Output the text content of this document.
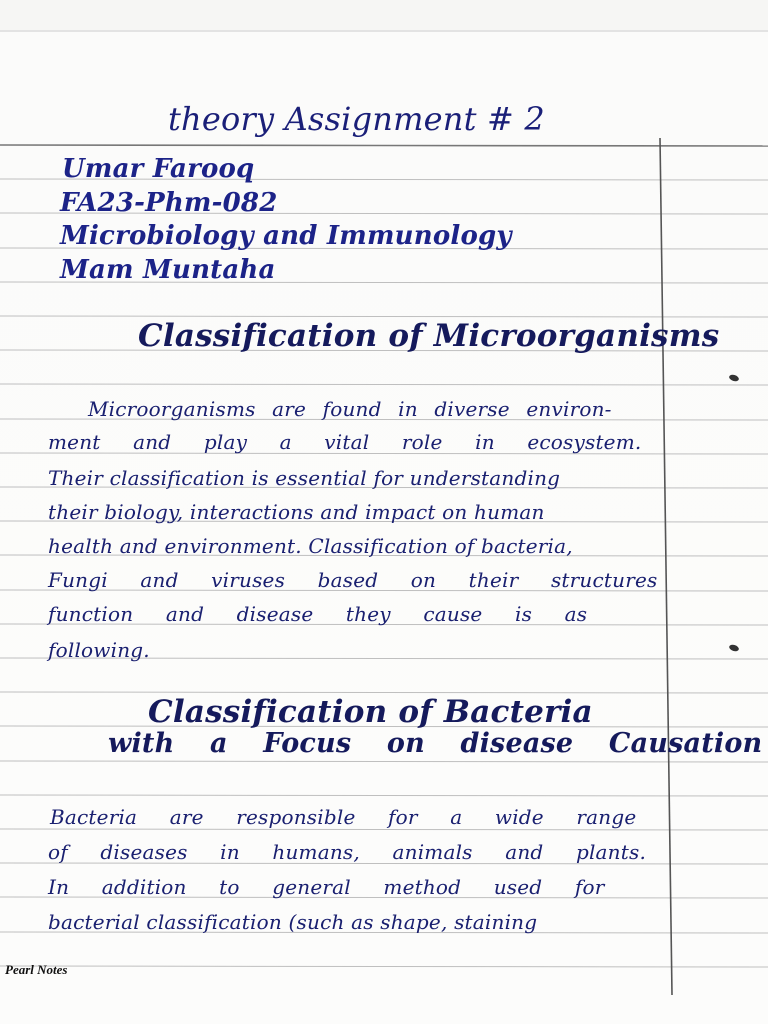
theory Assignment # 2
Umar Farooq
FA23-Phm-082
Microbiology and Immunology
Mam Muntaha
Classification of Microorganisms
Microorganisms are found in diverse environ-
ment and play a vital role in ecosystem.
Their classification is essential for understanding
their biology, interactions and impact on human
health and environment. Classification of bacteria,
Fungi and viruses based on their structures
function and disease they cause is as
following.
Classification of Bacteria
with a Focus on disease Causation
Bacteria are responsible for a wide range
of diseases in humans, animals and plants.
In addition to general method used for
bacterial classification (such as shape, staining
Pearl Notes
